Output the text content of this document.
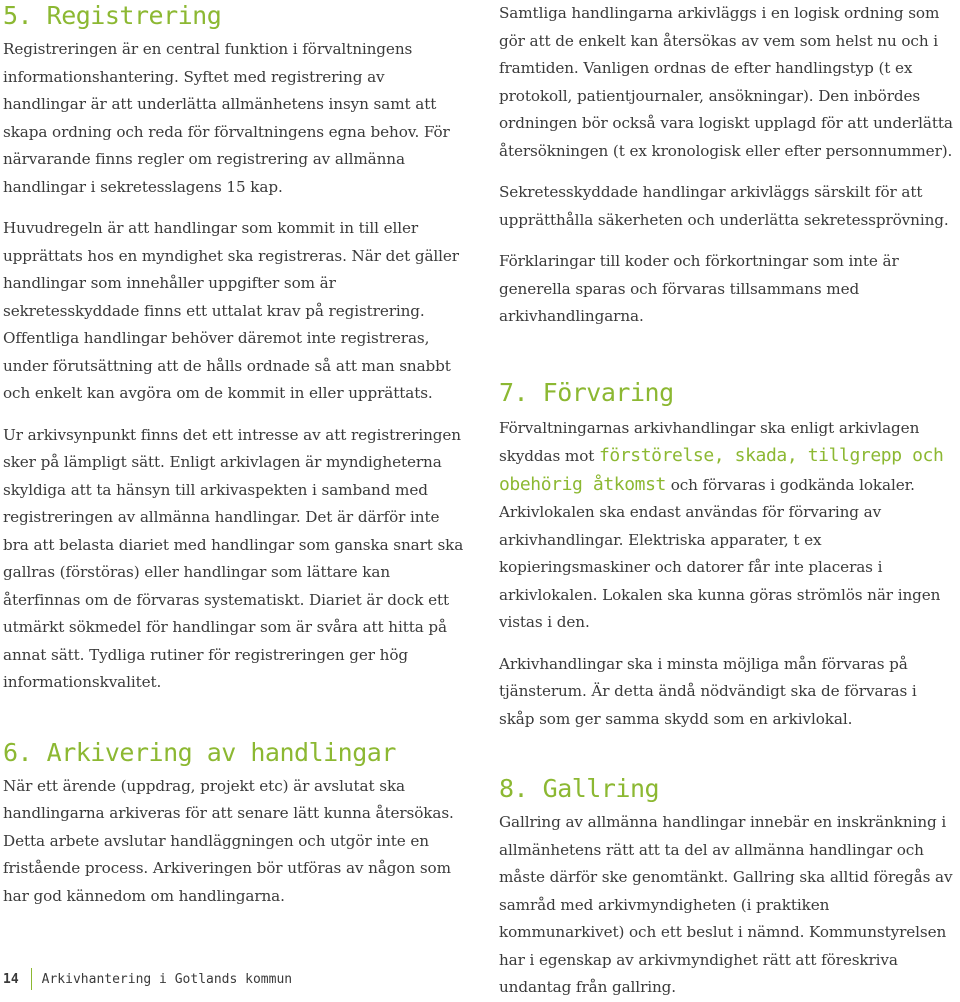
5. Registrering

Registreringen är en central funktion i förvaltningens informationshantering. Syftet med registrering av handlingar är att underlätta allmänhetens insyn samt att skapa ordning och reda för förvaltningens egna behov. För närvarande finns regler om registrering av allmänna handlingar i sekretesslagens 15 kap.

Huvudregeln är att handlingar som kommit in till eller upprättats hos en myndighet ska registreras. När det gäller handlingar som innehåller uppgifter som är sekretesskyddade finns ett uttalat krav på registrering. Offentliga handlingar behöver däremot inte registreras, under förutsättning att de hålls ordnade så att man snabbt och enkelt kan avgöra om de kommit in eller upprättats.

Ur arkivsynpunkt finns det ett intresse av att registreringen sker på lämpligt sätt. Enligt arkivlagen är myndigheterna skyldiga att ta hänsyn till arkivaspekten i samband med registreringen av allmänna handlingar. Det är därför inte bra att belasta diariet med handlingar som ganska snart ska gallras (förstöras) eller handlingar som lättare kan återfinnas om de förvaras systematiskt. Diariet är dock ett utmärkt sökmedel för handlingar som är svåra att hitta på annat sätt. Tydliga rutiner för registreringen ger hög informationskvalitet.

6. Arkivering av handlingar

När ett ärende (uppdrag, projekt etc) är avslutat ska handlingarna arkiveras för att senare lätt kunna återsökas. Detta arbete avslutar handläggningen och utgör inte en fristående process. Arkiveringen bör utföras av någon som har god kännedom om handlingarna.

Samtliga handlingarna arkivläggs i en logisk ordning som gör att de enkelt kan återsökas av vem som helst nu och i framtiden. Vanligen ordnas de efter handlingstyp (t ex protokoll, patientjournaler, ansökningar). Den inbördes ordningen bör också vara logiskt upplagd för att underlätta återsökningen (t ex kronologisk eller efter personnummer).

Sekretesskyddade handlingar arkivläggs särskilt för att upprätthålla säkerheten och underlätta sekretessprövning.

Förklaringar till koder och förkortningar som inte är generella sparas och förvaras tillsammans med arkivhandlingarna.

7. Förvaring

Förvaltningarnas arkivhandlingar ska enligt arkivlagen skyddas mot förstörelse, skada, tillgrepp och obehörig åtkomst och förvaras i godkända lokaler. Arkivlokalen ska endast användas för förvaring av arkivhandlingar. Elektriska apparater, t ex kopieringsmaskiner och datorer får inte placeras i arkivlokalen. Lokalen ska kunna göras strömlös när ingen vistas i den.

Arkivhandlingar ska i minsta möjliga mån förvaras på tjänsterum. Är detta ändå nödvändigt ska de förvaras i skåp som ger samma skydd som en arkivlokal.

8. Gallring

Gallring av allmänna handlingar innebär en inskränkning i allmänhetens rätt att ta del av allmänna handlingar och måste därför ske genomtänkt. Gallring ska alltid föregås av samråd med arkivmyndigheten (i praktiken kommunarkivet) och ett beslut i nämnd. Kommunstyrelsen har i egenskap av arkivmyndighet rätt att föreskriva undantag från gallring.

14 Arkivhantering i Gotlands kommun
